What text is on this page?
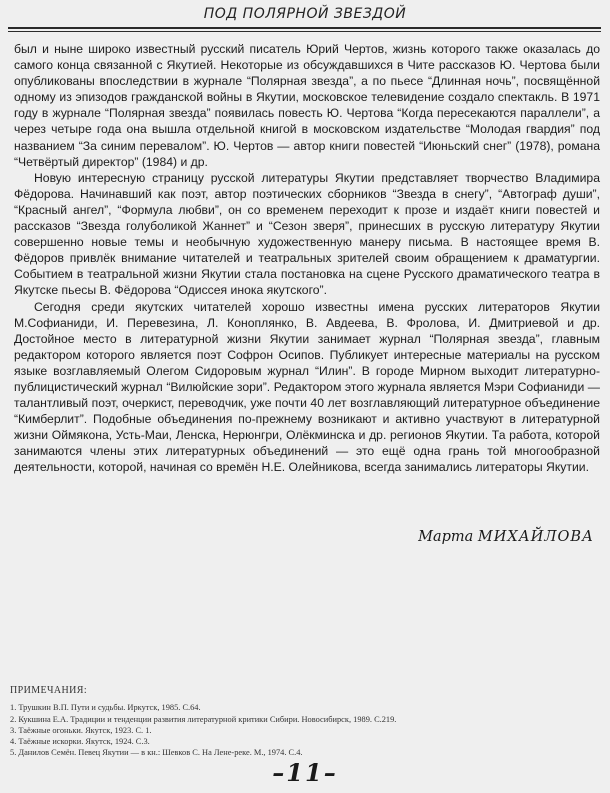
ПОД ПОЛЯРНОЙ ЗВЕЗДОЙ

был и ныне широко известный русский писатель Юрий Чертов, жизнь которого также оказалась до самого конца связанной с Якутией. Некоторые из обсуждавшихся в Чите рассказов Ю. Чертова были опубликованы впоследствии в журнале “Полярная звезда”, а по пьесе “Длинная ночь”, посвящённой одному из эпизодов гражданской войны в Якутии, московское телевидение создало спектакль. В 1971 году в журнале “Полярная звезда” появилась повесть Ю. Чертова “Когда пересекаются параллели”, а через четыре года она вышла отдельной книгой в московском издательстве “Молодая гвардия” под названием “За синим перевалом”. Ю. Чертов — автор книги повестей “Июньский снег” (1978), романа “Четвёртый директор” (1984) и др.

Новую интересную страницу русской литературы Якутии представляет творчество Владимира Фёдорова. Начинавший как поэт, автор поэтических сборников “Звезда в снегу”, “Автограф души”, “Красный ангел”, “Формула любви”, он со временем переходит к прозе и издаёт книги повестей и рассказов “Звезда голуболикой Жаннет” и “Сезон зверя”, принесших в русскую литературу Якутии совершенно новые темы и необычную художественную манеру письма. В настоящее время В. Фёдоров привлёк внимание читателей и театральных зрителей своим обращением к драматургии. Событием в театральной жизни Якутии стала постановка на сцене Русского драматического театра в Якутске пьесы В. Фёдорова “Одиссея инока якутского”.

Сегодня среди якутских читателей хорошо известны имена русских литераторов Якутии М.Софианиди, И. Перевезина, Л. Коноплянко, В. Авдеева, В. Фролова, И. Дмитриевой и др. Достойное место в литературной жизни Якутии занимает журнал “Полярная звезда”, главным редактором которого является поэт Софрон Осипов. Публикует интересные материалы на русском языке возглавляемый Олегом Сидоровым журнал “Илин”. В городе Мирном выходит литературно-публицистический журнал “Вилюйские зори”. Редактором этого журнала является Мэри Софианиди — талантливый поэт, очеркист, переводчик, уже почти 40 лет возглавляющий литературное объединение “Кимберлит”. Подобные объединения по-прежнему возникают и активно участвуют в литературной жизни Оймякона, Усть-Маи, Ленска, Нерюнгри, Олёкминска и др. регионов Якутии. Та работа, которой занимаются члены этих литературных объединений — это ещё одна грань той многообразной деятельности, которой, начиная со времён Н.Е. Олейникова, всегда занимались литераторы Якутии.

Марта МИХАЙЛОВА
ПРИМЕЧАНИЯ:
1. Трушкин В.П. Пути и судьбы. Иркутск, 1985. С.64.
2. Кукшина Е.А. Традиции и тенденции развития литературной критики Сибири. Новосибирск, 1989. С.219.
3. Таёжные огоньки. Якутск, 1923. С. 1.
4. Таёжные искорки. Якутск, 1924. С.3.
5. Данилов Семён. Певец Якутии — в кн.: Шевков С. На Лене-реке. М., 1974. С.4.
–11–
